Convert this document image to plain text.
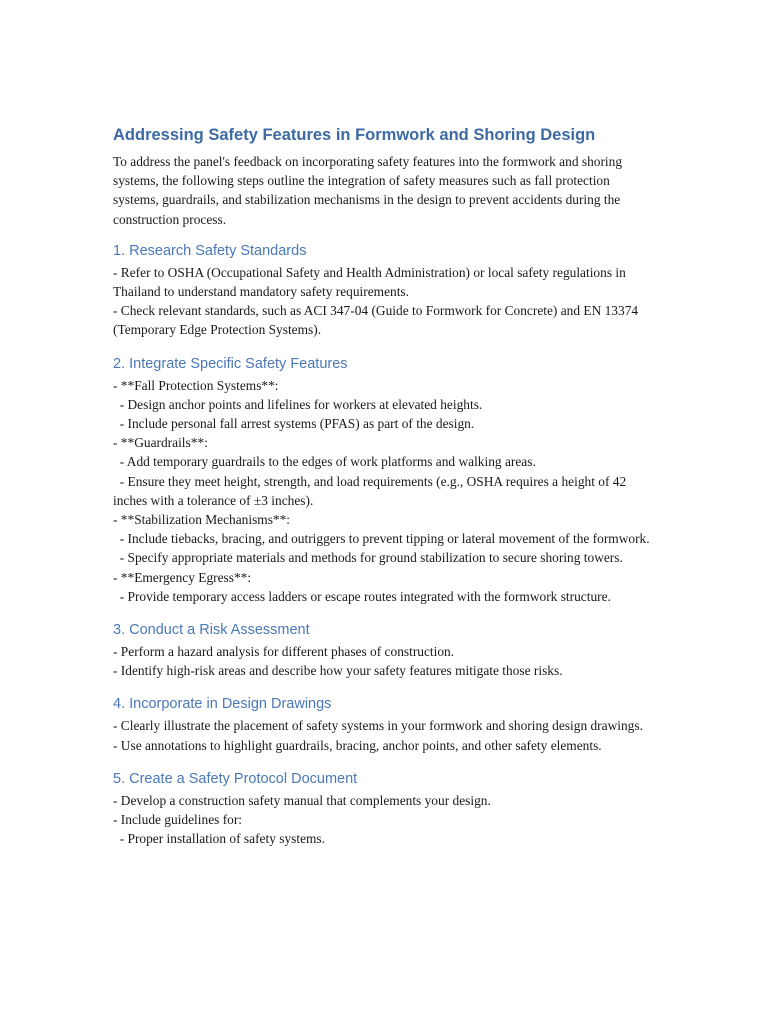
Addressing Safety Features in Formwork and Shoring Design

To address the panel's feedback on incorporating safety features into the formwork and shoring systems, the following steps outline the integration of safety measures such as fall protection systems, guardrails, and stabilization mechanisms in the design to prevent accidents during the construction process.

1. Research Safety Standards

- Refer to OSHA (Occupational Safety and Health Administration) or local safety regulations in Thailand to understand mandatory safety requirements.

- Check relevant standards, such as ACI 347-04 (Guide to Formwork for Concrete) and EN 13374 (Temporary Edge Protection Systems).

2. Integrate Specific Safety Features

- **Fall Protection Systems**:

- Design anchor points and lifelines for workers at elevated heights.

- Include personal fall arrest systems (PFAS) as part of the design.

- **Guardrails**:

- Add temporary guardrails to the edges of work platforms and walking areas.

- Ensure they meet height, strength, and load requirements (e.g., OSHA requires a height of 42 inches with a tolerance of ±3 inches).

- **Stabilization Mechanisms**:

- Include tiebacks, bracing, and outriggers to prevent tipping or lateral movement of the formwork.

- Specify appropriate materials and methods for ground stabilization to secure shoring towers.

- **Emergency Egress**:

- Provide temporary access ladders or escape routes integrated with the formwork structure.

3. Conduct a Risk Assessment

- Perform a hazard analysis for different phases of construction.

- Identify high-risk areas and describe how your safety features mitigate those risks.

4. Incorporate in Design Drawings

- Clearly illustrate the placement of safety systems in your formwork and shoring design drawings.

- Use annotations to highlight guardrails, bracing, anchor points, and other safety elements.

5. Create a Safety Protocol Document

- Develop a construction safety manual that complements your design.

- Include guidelines for:

- Proper installation of safety systems.
